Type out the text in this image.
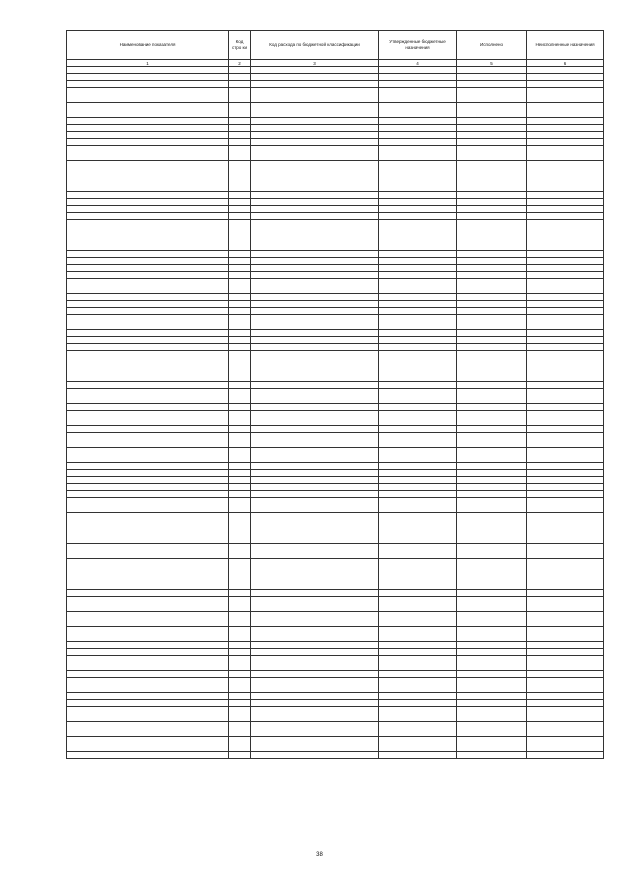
Наименование показателя	Код стро ки	Код расхода по бюджетной классификации	Утвержденные бюджетные назначения	Исполнено	Неисполненные назначения
1	2	3	4	5	6

38
